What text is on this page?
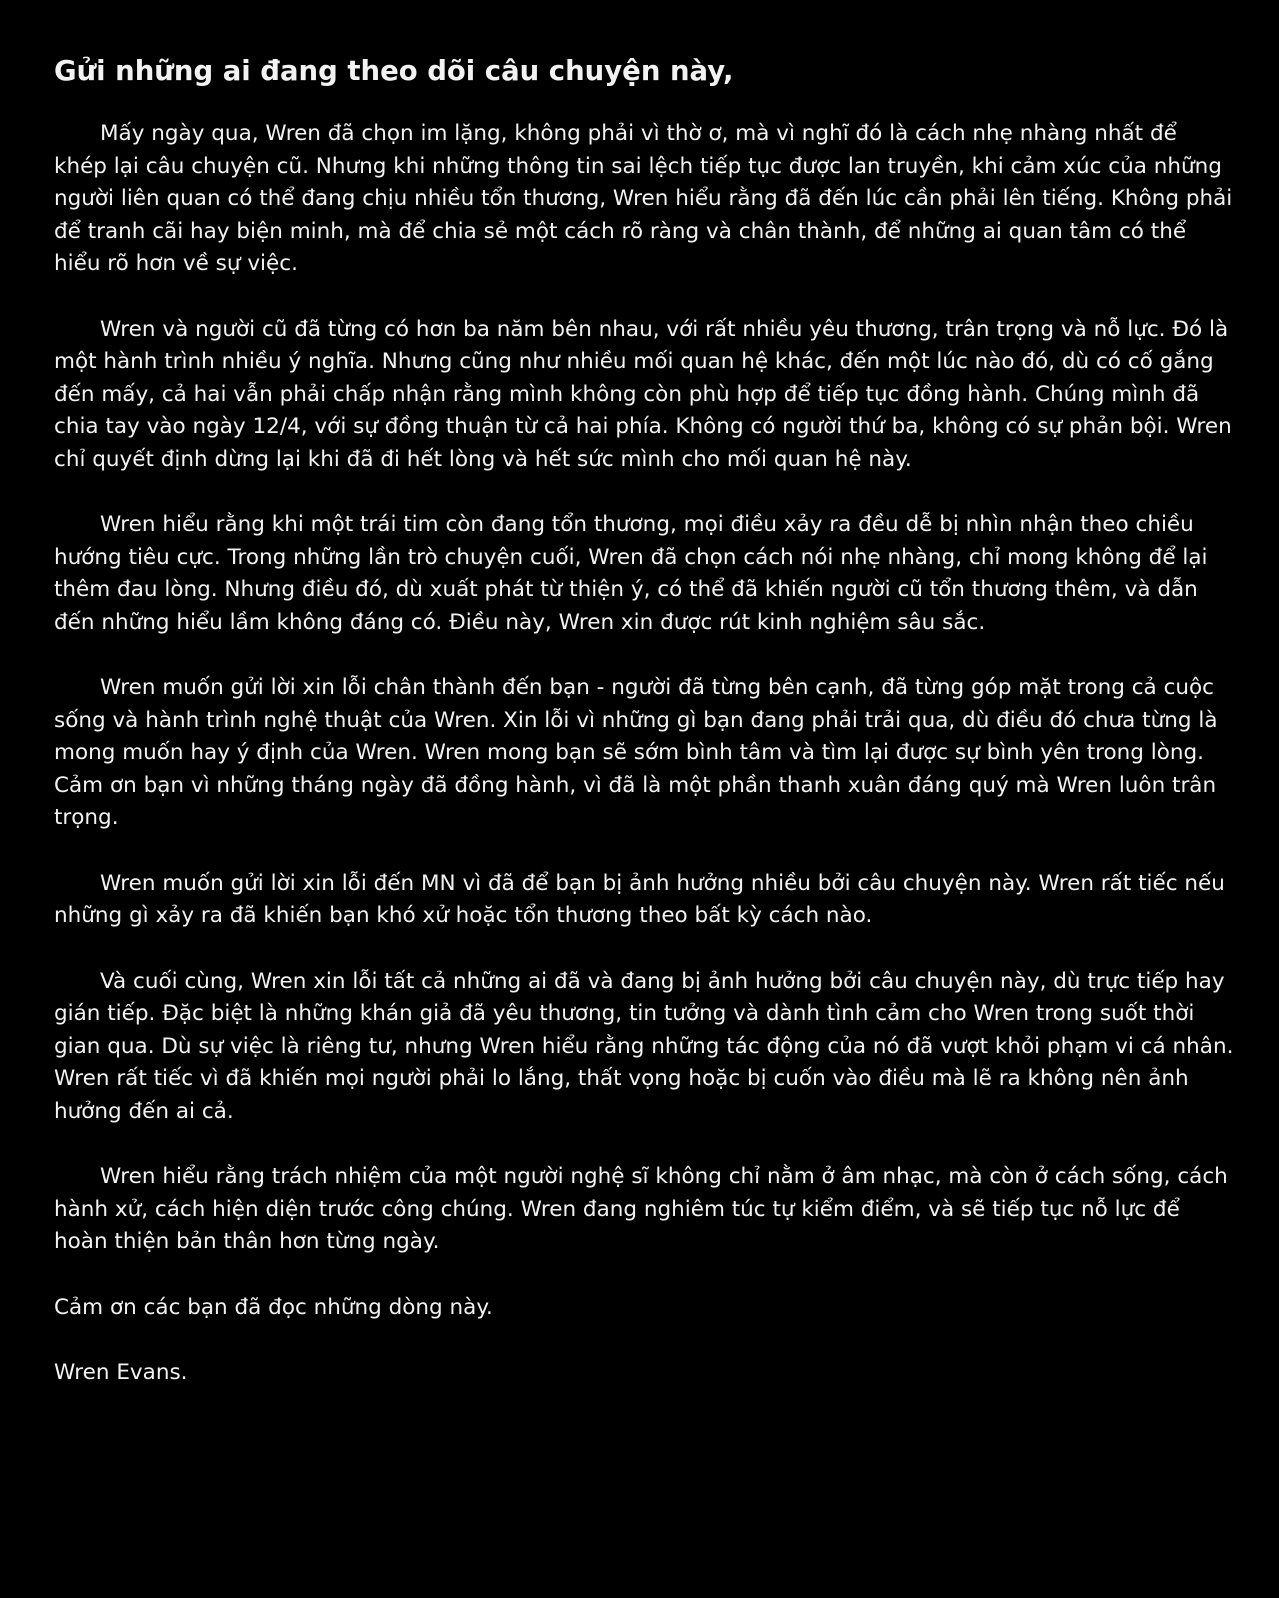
Gửi những ai đang theo dõi câu chuyện này,

Mấy ngày qua, Wren đã chọn im lặng, không phải vì thờ ơ, mà vì nghĩ đó là cách nhẹ nhàng nhất để khép lại câu chuyện cũ. Nhưng khi những thông tin sai lệch tiếp tục được lan truyền, khi cảm xúc của những người liên quan có thể đang chịu nhiều tổn thương, Wren hiểu rằng đã đến lúc cần phải lên tiếng. Không phải để tranh cãi hay biện minh, mà để chia sẻ một cách rõ ràng và chân thành, để những ai quan tâm có thể hiểu rõ hơn về sự việc.

Wren và người cũ đã từng có hơn ba năm bên nhau, với rất nhiều yêu thương, trân trọng và nỗ lực. Đó là một hành trình nhiều ý nghĩa. Nhưng cũng như nhiều mối quan hệ khác, đến một lúc nào đó, dù có cố gắng đến mấy, cả hai vẫn phải chấp nhận rằng mình không còn phù hợp để tiếp tục đồng hành. Chúng mình đã chia tay vào ngày 12/4, với sự đồng thuận từ cả hai phía. Không có người thứ ba, không có sự phản bội. Wren chỉ quyết định dừng lại khi đã đi hết lòng và hết sức mình cho mối quan hệ này.

Wren hiểu rằng khi một trái tim còn đang tổn thương, mọi điều xảy ra đều dễ bị nhìn nhận theo chiều hướng tiêu cực. Trong những lần trò chuyện cuối, Wren đã chọn cách nói nhẹ nhàng, chỉ mong không để lại thêm đau lòng. Nhưng điều đó, dù xuất phát từ thiện ý, có thể đã khiến người cũ tổn thương thêm, và dẫn đến những hiểu lầm không đáng có. Điều này, Wren xin được rút kinh nghiệm sâu sắc.

Wren muốn gửi lời xin lỗi chân thành đến bạn - người đã từng bên cạnh, đã từng góp mặt trong cả cuộc sống và hành trình nghệ thuật của Wren. Xin lỗi vì những gì bạn đang phải trải qua, dù điều đó chưa từng là mong muốn hay ý định của Wren. Wren mong bạn sẽ sớm bình tâm và tìm lại được sự bình yên trong lòng. Cảm ơn bạn vì những tháng ngày đã đồng hành, vì đã là một phần thanh xuân đáng quý mà Wren luôn trân trọng.

Wren muốn gửi lời xin lỗi đến MN vì đã để bạn bị ảnh hưởng nhiều bởi câu chuyện này. Wren rất tiếc nếu những gì xảy ra đã khiến bạn khó xử hoặc tổn thương theo bất kỳ cách nào.

Và cuối cùng, Wren xin lỗi tất cả những ai đã và đang bị ảnh hưởng bởi câu chuyện này, dù trực tiếp hay gián tiếp. Đặc biệt là những khán giả đã yêu thương, tin tưởng và dành tình cảm cho Wren trong suốt thời gian qua. Dù sự việc là riêng tư, nhưng Wren hiểu rằng những tác động của nó đã vượt khỏi phạm vi cá nhân. Wren rất tiếc vì đã khiến mọi người phải lo lắng, thất vọng hoặc bị cuốn vào điều mà lẽ ra không nên ảnh hưởng đến ai cả.

Wren hiểu rằng trách nhiệm của một người nghệ sĩ không chỉ nằm ở âm nhạc, mà còn ở cách sống, cách hành xử, cách hiện diện trước công chúng. Wren đang nghiêm túc tự kiểm điểm, và sẽ tiếp tục nỗ lực để hoàn thiện bản thân hơn từng ngày.

Cảm ơn các bạn đã đọc những dòng này.

Wren Evans.
